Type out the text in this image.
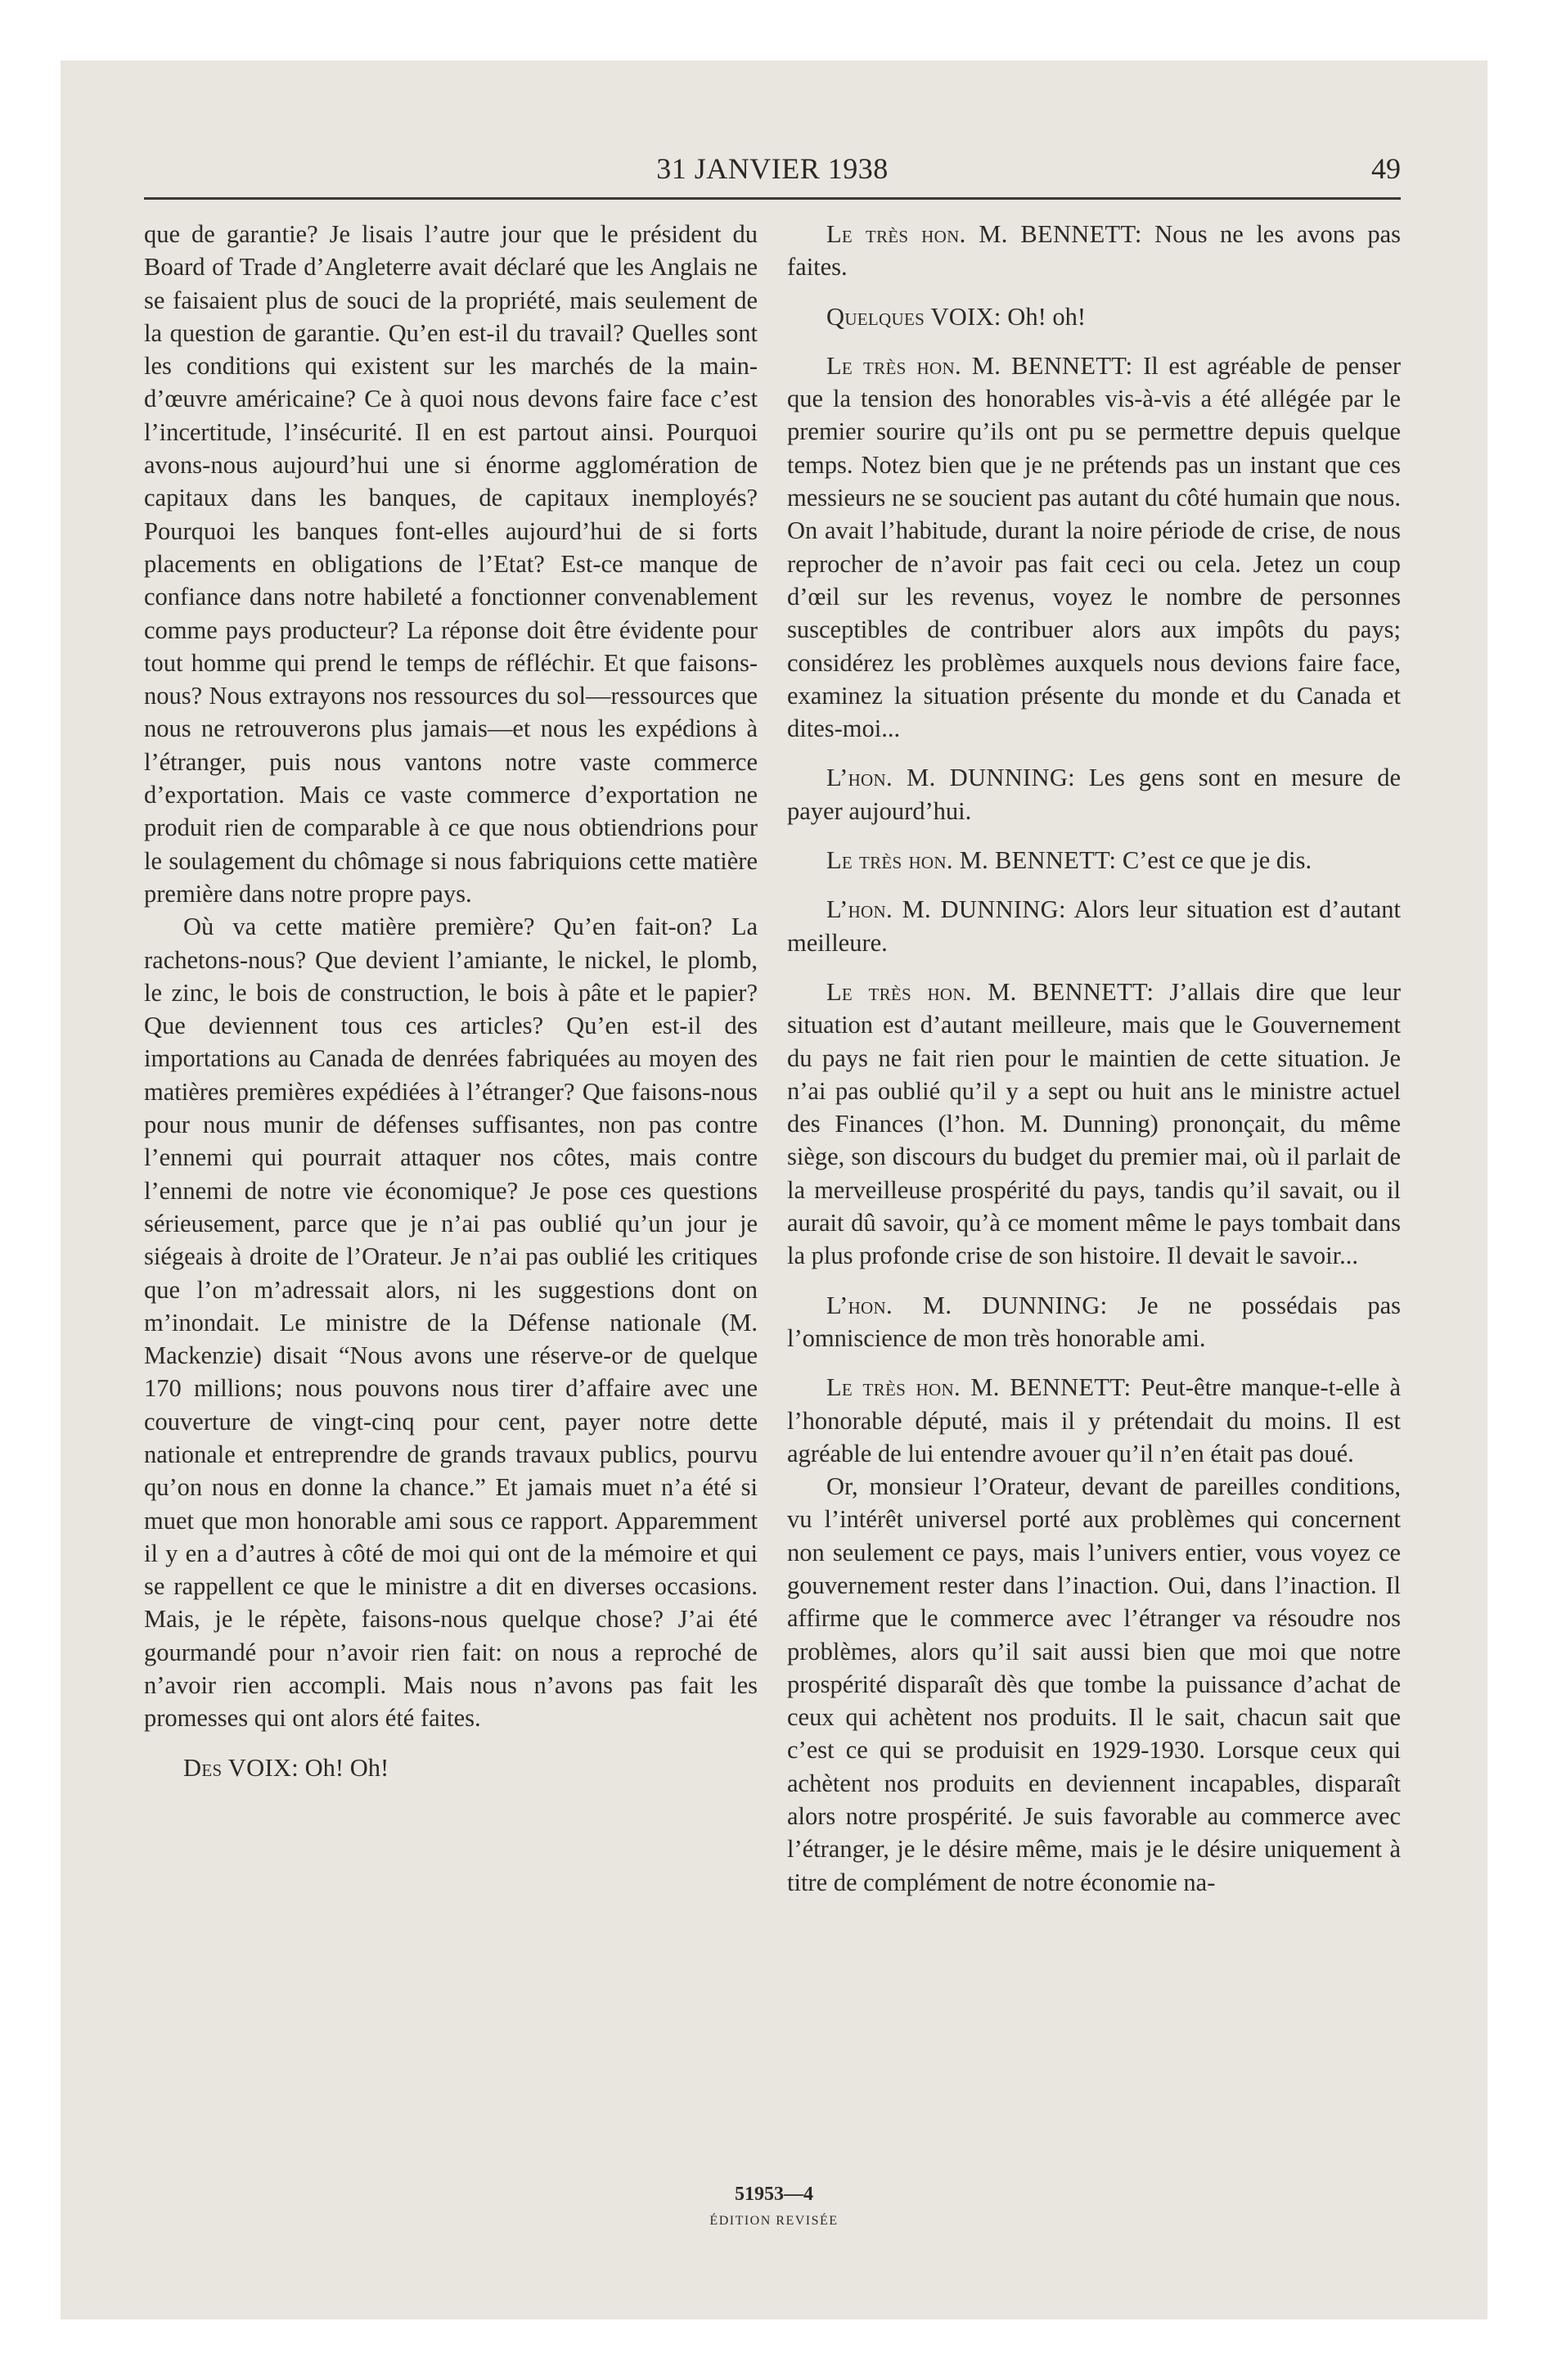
31 JANVIER 1938	49

que de garantie? Je lisais l’autre jour que le président du Board of Trade d’Angleterre avait déclaré que les Anglais ne se faisaient plus de souci de la propriété, mais seulement de la question de garantie. Qu’en est-il du travail? Quelles sont les conditions qui existent sur les marchés de la main-d’œuvre américaine? Ce à quoi nous devons faire face c’est l’incertitude, l’insécurité. Il en est partout ainsi. Pourquoi avons-nous aujourd’hui une si énorme agglomération de capitaux dans les banques, de capitaux inemployés? Pourquoi les banques font-elles aujourd’hui de si forts placements en obligations de l’Etat? Est-ce manque de confiance dans notre habileté a fonctionner convenablement comme pays producteur? La réponse doit être évidente pour tout homme qui prend le temps de réfléchir. Et que faisons-nous? Nous extrayons nos ressources du sol—ressources que nous ne retrouverons plus jamais—et nous les expédions à l’étranger, puis nous vantons notre vaste commerce d’exportation. Mais ce vaste commerce d’exportation ne produit rien de comparable à ce que nous obtiendrions pour le soulagement du chômage si nous fabriquions cette matière première dans notre propre pays.

Où va cette matière première? Qu’en fait-on? La rachetons-nous? Que devient l’amiante, le nickel, le plomb, le zinc, le bois de construction, le bois à pâte et le papier? Que deviennent tous ces articles? Qu’en est-il des importations au Canada de denrées fabriquées au moyen des matières premières expédiées à l’étranger? Que faisons-nous pour nous munir de défenses suffisantes, non pas contre l’ennemi qui pourrait attaquer nos côtes, mais contre l’ennemi de notre vie économique? Je pose ces questions sérieusement, parce que je n’ai pas oublié qu’un jour je siégeais à droite de l’Orateur. Je n’ai pas oublié les critiques que l’on m’adressait alors, ni les suggestions dont on m’inondait. Le ministre de la Défense nationale (M. Mackenzie) disait “Nous avons une réserve-or de quelque 170 millions; nous pouvons nous tirer d’affaire avec une couverture de vingt-cinq pour cent, payer notre dette nationale et entreprendre de grands travaux publics, pourvu qu’on nous en donne la chance.” Et jamais muet n’a été si muet que mon honorable ami sous ce rapport. Apparemment il y en a d’autres à côté de moi qui ont de la mémoire et qui se rappellent ce que le ministre a dit en diverses occasions. Mais, je le répète, faisons-nous quelque chose? J’ai été gourmandé pour n’avoir rien fait: on nous a reproché de n’avoir rien accompli. Mais nous n’avons pas fait les promesses qui ont alors été faites.

Des VOIX: Oh! Oh!

Le très hon. M. BENNETT: Nous ne les avons pas faites.

Quelques VOIX: Oh! oh!

Le très hon. M. BENNETT: Il est agréable de penser que la tension des honorables vis-à-vis a été allégée par le premier sourire qu’ils ont pu se permettre depuis quelque temps. Notez bien que je ne prétends pas un instant que ces messieurs ne se soucient pas autant du côté humain que nous. On avait l’habitude, durant la noire période de crise, de nous reprocher de n’avoir pas fait ceci ou cela. Jetez un coup d’œil sur les revenus, voyez le nombre de personnes susceptibles de contribuer alors aux impôts du pays; considérez les problèmes auxquels nous devions faire face, examinez la situation présente du monde et du Canada et dites-moi...

L’hon. M. DUNNING: Les gens sont en mesure de payer aujourd’hui.

Le très hon. M. BENNETT: C’est ce que je dis.

L’hon. M. DUNNING: Alors leur situation est d’autant meilleure.

Le très hon. M. BENNETT: J’allais dire que leur situation est d’autant meilleure, mais que le Gouvernement du pays ne fait rien pour le maintien de cette situation. Je n’ai pas oublié qu’il y a sept ou huit ans le ministre actuel des Finances (l’hon. M. Dunning) prononçait, du même siège, son discours du budget du premier mai, où il parlait de la merveilleuse prospérité du pays, tandis qu’il savait, ou il aurait dû savoir, qu’à ce moment même le pays tombait dans la plus profonde crise de son histoire. Il devait le savoir...

L’hon. M. DUNNING: Je ne possédais pas l’omniscience de mon très honorable ami.

Le très hon. M. BENNETT: Peut-être manque-t-elle à l’honorable député, mais il y prétendait du moins. Il est agréable de lui entendre avouer qu’il n’en était pas doué.

Or, monsieur l’Orateur, devant de pareilles conditions, vu l’intérêt universel porté aux problèmes qui concernent non seulement ce pays, mais l’univers entier, vous voyez ce gouvernement rester dans l’inaction. Oui, dans l’inaction. Il affirme que le commerce avec l’étranger va résoudre nos problèmes, alors qu’il sait aussi bien que moi que notre prospérité disparaît dès que tombe la puissance d’achat de ceux qui achètent nos produits. Il le sait, chacun sait que c’est ce qui se produisit en 1929-1930. Lorsque ceux qui achètent nos produits en deviennent incapables, disparaît alors notre prospérité. Je suis favorable au commerce avec l’étranger, je le désire même, mais je le désire uniquement à titre de complément de notre économie na-

51953—4
ÉDITION REVISÉE
